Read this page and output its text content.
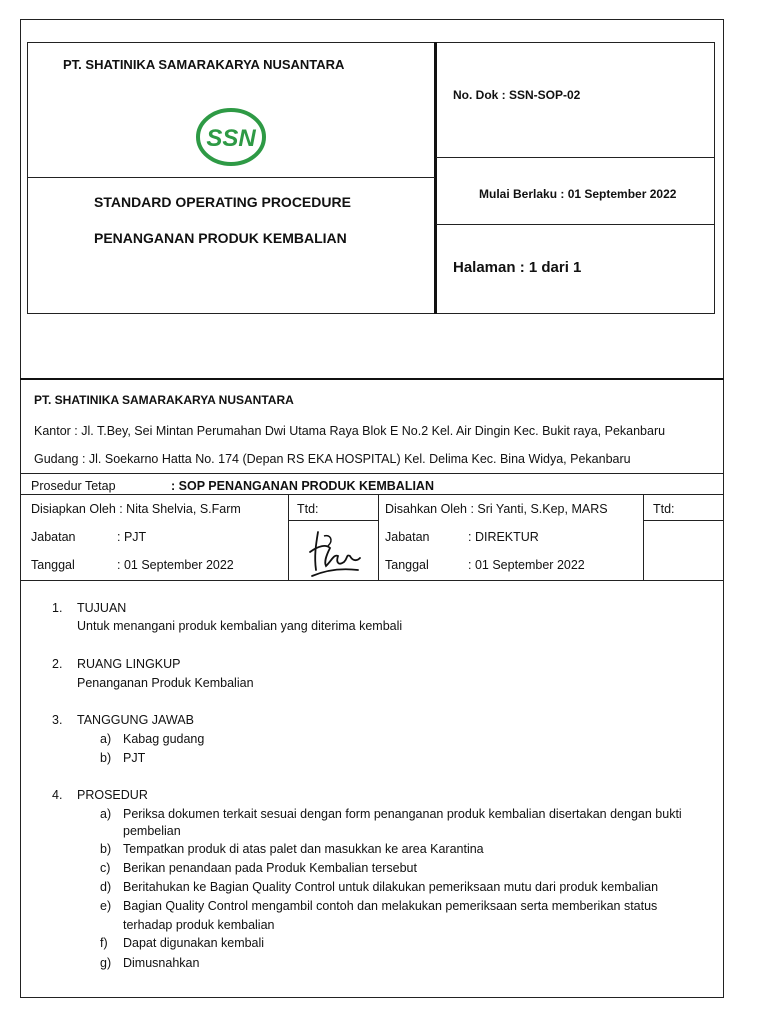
PT. SHATINIKA SAMARAKARYA NUSANTARA
SSN
STANDARD OPERATING PROCEDURE
PENANGANAN PRODUK KEMBALIAN
No. Dok : SSN-SOP-02
Mulai Berlaku : 01 September 2022
Halaman : 1 dari 1
PT. SHATINIKA SAMARAKARYA NUSANTARA
Kantor : Jl. T.Bey, Sei Mintan Perumahan Dwi Utama Raya Blok E No.2 Kel. Air Dingin Kec. Bukit raya, Pekanbaru
Gudang : Jl. Soekarno Hatta No. 174 (Depan RS EKA HOSPITAL) Kel. Delima Kec. Bina Widya, Pekanbaru
Prosedur Tetap	: SOP PENANGANAN PRODUK KEMBALIAN
Disiapkan Oleh : Nita Shelvia, S.Farm	Ttd:
Jabatan	: PJT
Tanggal	: 01 September 2022
Disahkan Oleh : Sri Yanti, S.Kep, MARS	Ttd:
Jabatan	: DIREKTUR
Tanggal	: 01 September 2022
1. TUJUAN
Untuk menangani produk kembalian yang diterima kembali
2. RUANG LINGKUP
Penanganan Produk Kembalian
3. TANGGUNG JAWAB
a) Kabag gudang
b) PJT
4. PROSEDUR
a) Periksa dokumen terkait sesuai dengan form penanganan produk kembalian disertakan dengan bukti
pembelian
b) Tempatkan produk di atas palet dan masukkan ke area Karantina
c) Berikan penandaan pada Produk Kembalian tersebut
d) Beritahukan ke Bagian Quality Control untuk dilakukan pemeriksaan mutu dari produk kembalian
e) Bagian Quality Control mengambil contoh dan melakukan pemeriksaan serta memberikan status
terhadap produk kembalian
f) Dapat digunakan kembali
g) Dimusnahkan
